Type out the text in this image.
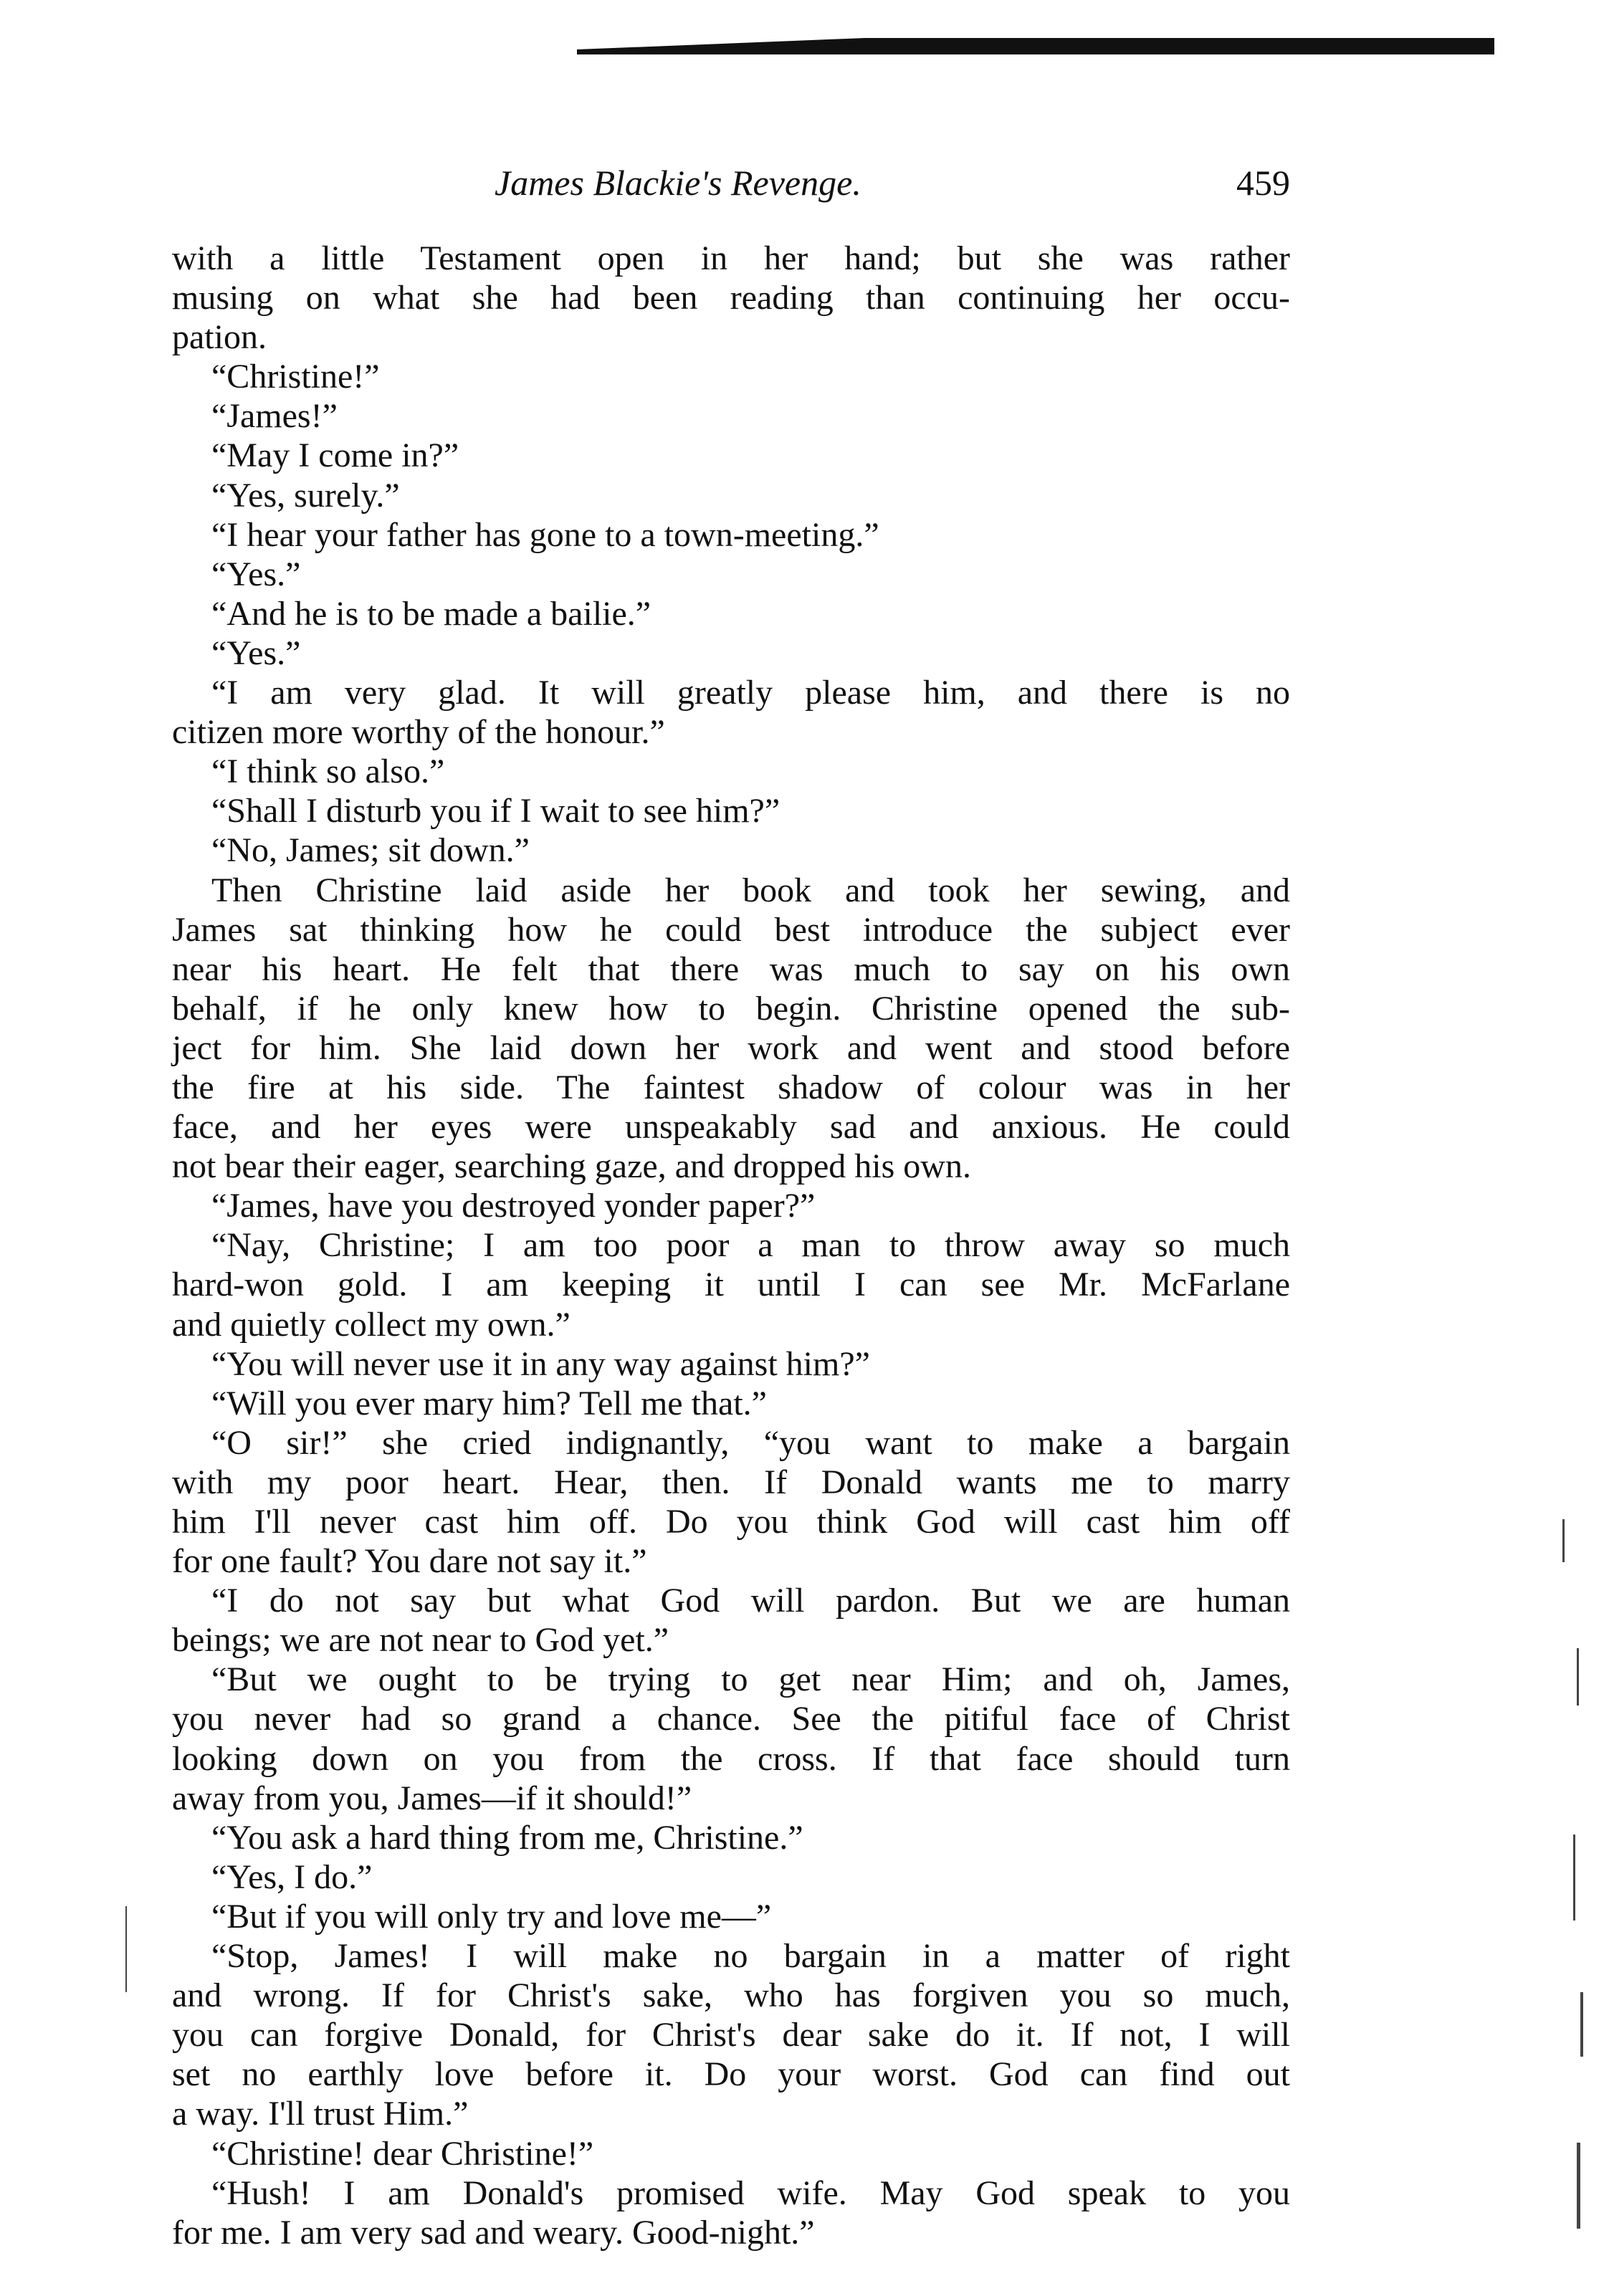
James Blackie's Revenge.	459
with a little Testament open in her hand; but she was rather
musing on what she had been reading than continuing her occu-
pation.
“Christine!”
“James!”
“May I come in?”
“Yes, surely.”
“I hear your father has gone to a town-meeting.”
“Yes.”
“And he is to be made a bailie.”
“Yes.”
“I am very glad. It will greatly please him, and there is no
citizen more worthy of the honour.”
“I think so also.”
“Shall I disturb you if I wait to see him?”
“No, James; sit down.”
Then Christine laid aside her book and took her sewing, and
James sat thinking how he could best introduce the subject ever
near his heart. He felt that there was much to say on his own
behalf, if he only knew how to begin. Christine opened the sub-
ject for him. She laid down her work and went and stood before
the fire at his side. The faintest shadow of colour was in her
face, and her eyes were unspeakably sad and anxious. He could
not bear their eager, searching gaze, and dropped his own.
“James, have you destroyed yonder paper?”
“Nay, Christine; I am too poor a man to throw away so much
hard-won gold. I am keeping it until I can see Mr. McFarlane
and quietly collect my own.”
“You will never use it in any way against him?”
“Will you ever mary him? Tell me that.”
“O sir!” she cried indignantly, “you want to make a bargain
with my poor heart. Hear, then. If Donald wants me to marry
him I'll never cast him off. Do you think God will cast him off
for one fault? You dare not say it.”
“I do not say but what God will pardon. But we are human
beings; we are not near to God yet.”
“But we ought to be trying to get near Him; and oh, James,
you never had so grand a chance. See the pitiful face of Christ
looking down on you from the cross. If that face should turn
away from you, James—if it should!”
“You ask a hard thing from me, Christine.”
“Yes, I do.”
“But if you will only try and love me—”
“Stop, James! I will make no bargain in a matter of right
and wrong. If for Christ's sake, who has forgiven you so much,
you can forgive Donald, for Christ's dear sake do it. If not, I will
set no earthly love before it. Do your worst. God can find out
a way. I'll trust Him.”
“Christine! dear Christine!”
“Hush! I am Donald's promised wife. May God speak to you
for me. I am very sad and weary. Good-night.”
